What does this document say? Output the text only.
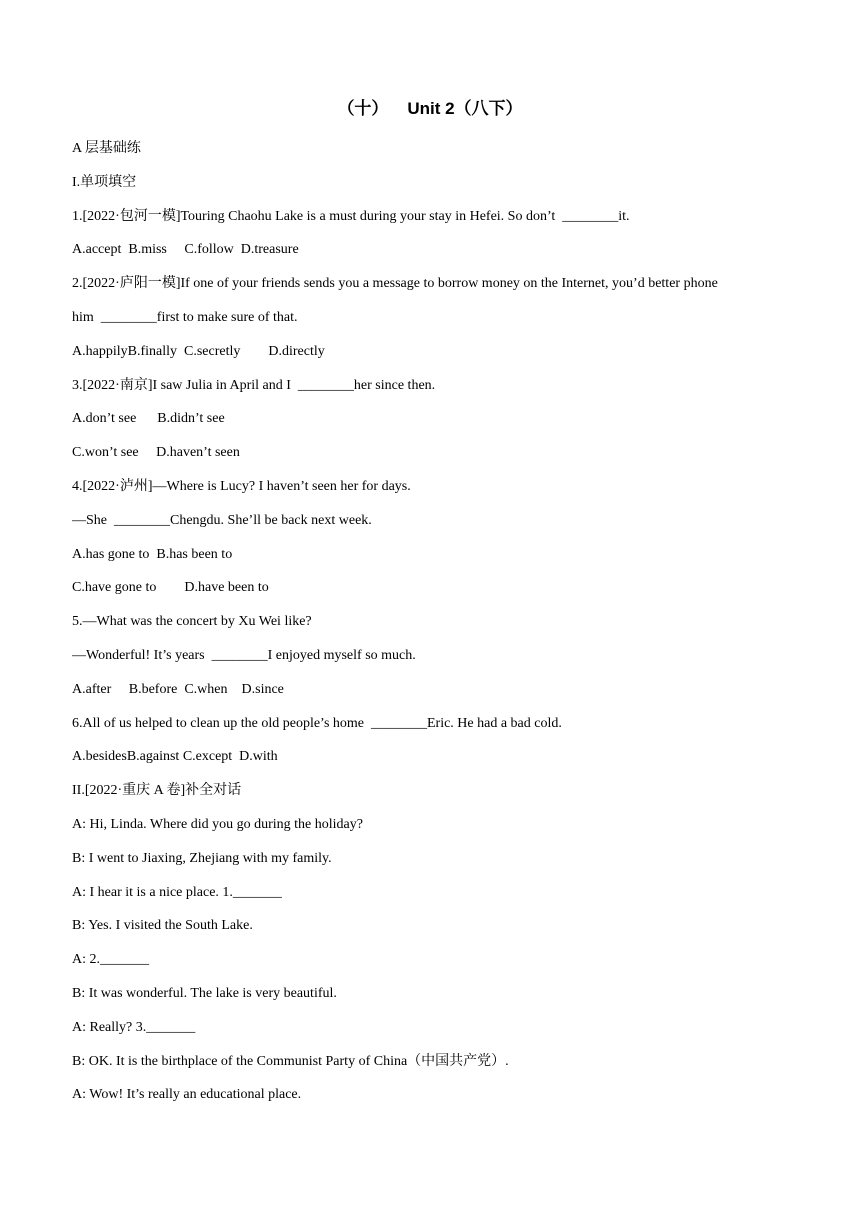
（十）    Unit 2（八下）
A 层基础练
I.单项填空
1.[2022·包河一模]Touring Chaohu Lake is a must during your stay in Hefei. So don’t  ________it.
A.accept  B.miss     C.follow  D.treasure
2.[2022·庐阳一模]If one of your friends sends you a message to borrow money on the Internet, you’d better phone
him  ________first to make sure of that.
A.happilyB.finally  C.secretly        D.directly
3.[2022·南京]I saw Julia in April and I  ________her since then.
A.don’t see      B.didn’t see
C.won’t see     D.haven’t seen
4.[2022·泸州]—Where is Lucy? I haven’t seen her for days.
—She  ________Chengdu. She’ll be back next week.
A.has gone to  B.has been to
C.have gone to        D.have been to
5.—What was the concert by Xu Wei like?
—Wonderful! It’s years  ________I enjoyed myself so much.
A.after     B.before  C.when    D.since
6.All of us helped to clean up the old people’s home  ________Eric. He had a bad cold.
A.besidesB.against C.except  D.with
II.[2022·重庆 A 卷]补全对话
A: Hi, Linda. Where did you go during the holiday?
B: I went to Jiaxing, Zhejiang with my family.
A: I hear it is a nice place. 1._______
B: Yes. I visited the South Lake.
A: 2._______
B: It was wonderful. The lake is very beautiful.
A: Really? 3._______
B: OK. It is the birthplace of the Communist Party of China（中国共产党）.
A: Wow! It’s really an educational place.
